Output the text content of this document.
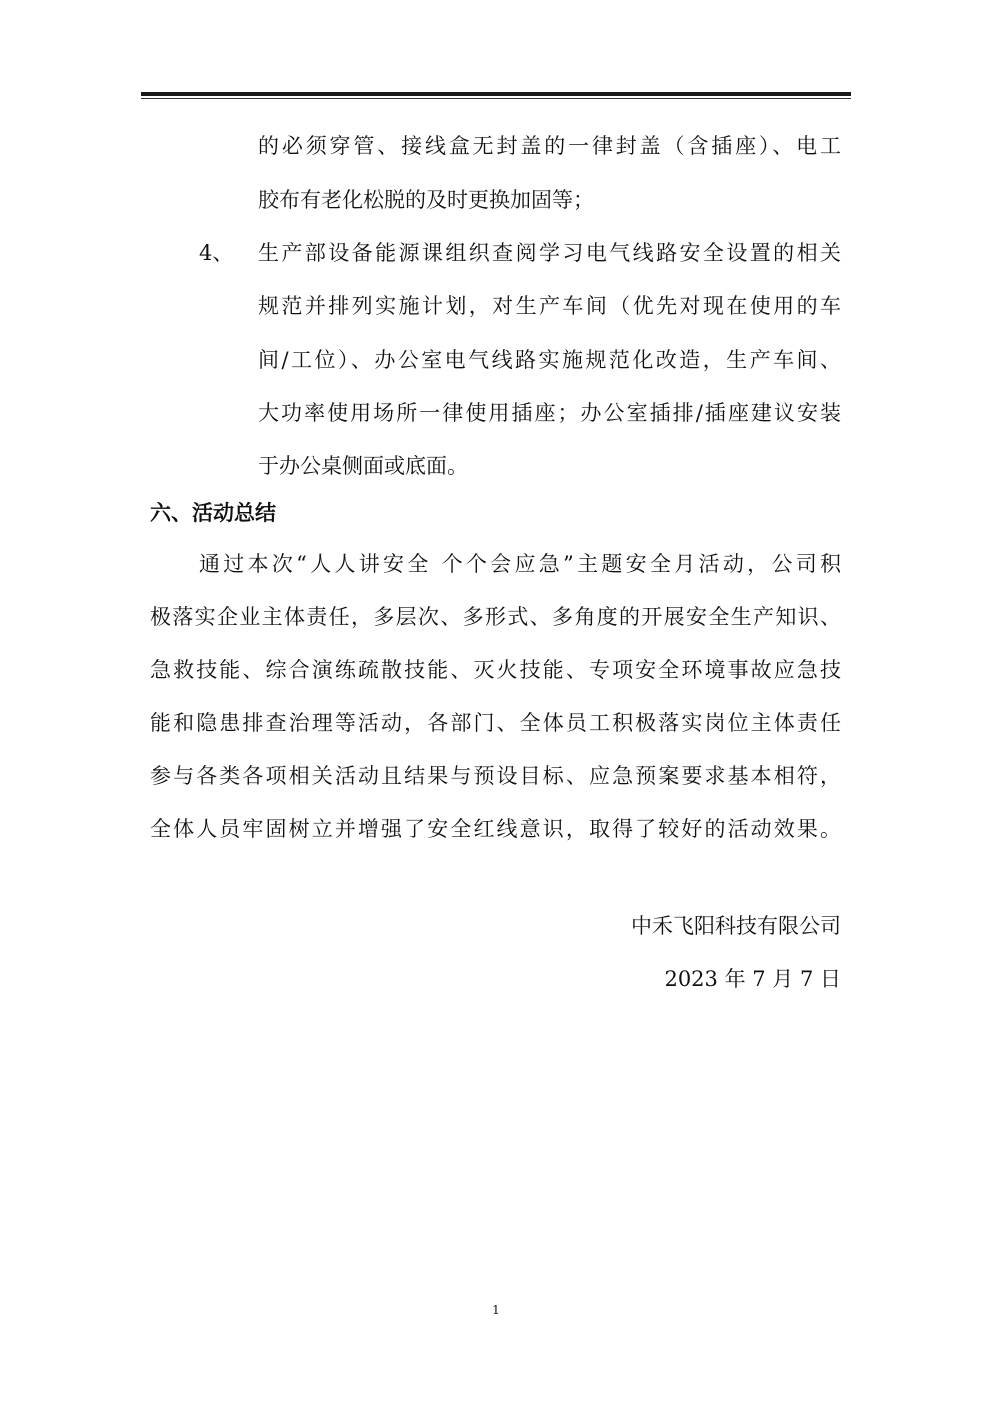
的必须穿管、接线盒无封盖的一律封盖（含插座）、电工
胶布有老化松脱的及时更换加固等；
4、 生产部设备能源课组织查阅学习电气线路安全设置的相关
规范并排列实施计划，对生产车间（优先对现在使用的车
间/工位）、办公室电气线路实施规范化改造，生产车间、
大功率使用场所一律使用插座；办公室插排/插座建议安装
于办公桌侧面或底面。
六、活动总结
通过本次“人人讲安全 个个会应急”主题安全月活动，公司积
极落实企业主体责任，多层次、多形式、多角度的开展安全生产知识、
急救技能、综合演练疏散技能、灭火技能、专项安全环境事故应急技
能和隐患排查治理等活动，各部门、全体员工积极落实岗位主体责任
参与各类各项相关活动且结果与预设目标、应急预案要求基本相符，
全体人员牢固树立并增强了安全红线意识，取得了较好的活动效果。
中禾飞阳科技有限公司
2023 年 7 月 7 日
1
